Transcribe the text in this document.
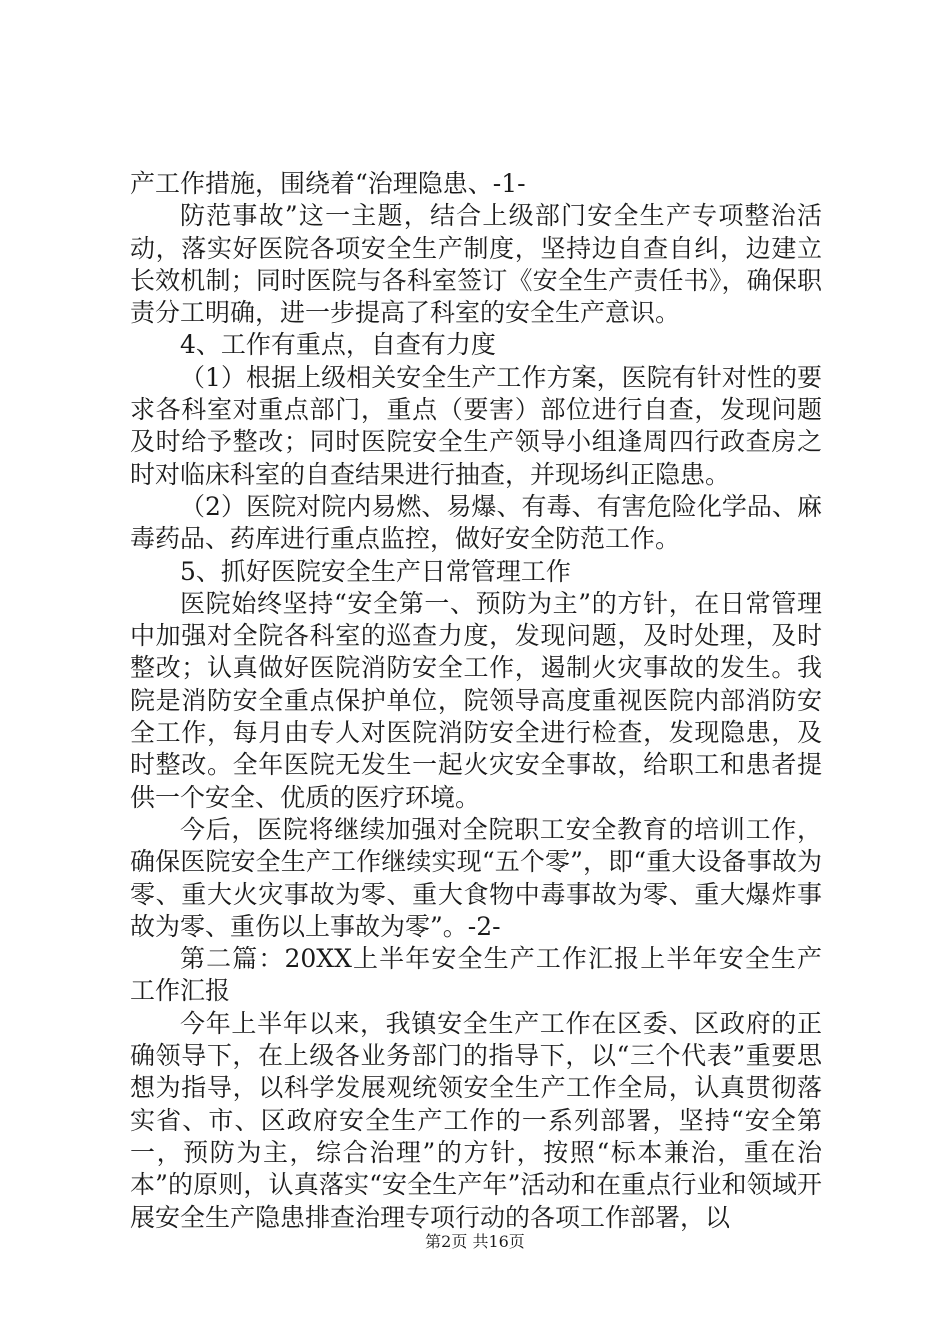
产工作措施，围绕着“治理隐患、-1-

防范事故”这一主题，结合上级部门安全生产专项整治活动，落实好医院各项安全生产制度，坚持边自查自纠，边建立长效机制；同时医院与各科室签订《安全生产责任书》，确保职责分工明确，进一步提高了科室的安全生产意识。

4、工作有重点，自查有力度

（1）根据上级相关安全生产工作方案，医院有针对性的要求各科室对重点部门，重点（要害）部位进行自查，发现问题及时给予整改；同时医院安全生产领导小组逢周四行政查房之时对临床科室的自查结果进行抽查，并现场纠正隐患。

（2）医院对院内易燃、易爆、有毒、有害危险化学品、麻毒药品、药库进行重点监控，做好安全防范工作。

5、抓好医院安全生产日常管理工作

医院始终坚持“安全第一、预防为主”的方针，在日常管理中加强对全院各科室的巡查力度，发现问题，及时处理，及时整改；认真做好医院消防安全工作，遏制火灾事故的发生。我院是消防安全重点保护单位，院领导高度重视医院内部消防安全工作，每月由专人对医院消防安全进行检查，发现隐患，及时整改。全年医院无发生一起火灾安全事故，给职工和患者提供一个安全、优质的医疗环境。

今后，医院将继续加强对全院职工安全教育的培训工作，确保医院安全生产工作继续实现“五个零”，即“重大设备事故为零、重大火灾事故为零、重大食物中毒事故为零、重大爆炸事故为零、重伤以上事故为零”。-2-

第二篇：20XX上半年安全生产工作汇报上半年安全生产工作汇报

今年上半年以来，我镇安全生产工作在区委、区政府的正确领导下，在上级各业务部门的指导下，以“三个代表”重要思想为指导，以科学发展观统领安全生产工作全局，认真贯彻落实省、市、区政府安全生产工作的一系列部署，坚持“安全第一，预防为主，综合治理”的方针，按照“标本兼治，重在治本”的原则，认真落实“安全生产年”活动和在重点行业和领域开展安全生产隐患排查治理专项行动的各项工作部署，以

第2页 共16页
